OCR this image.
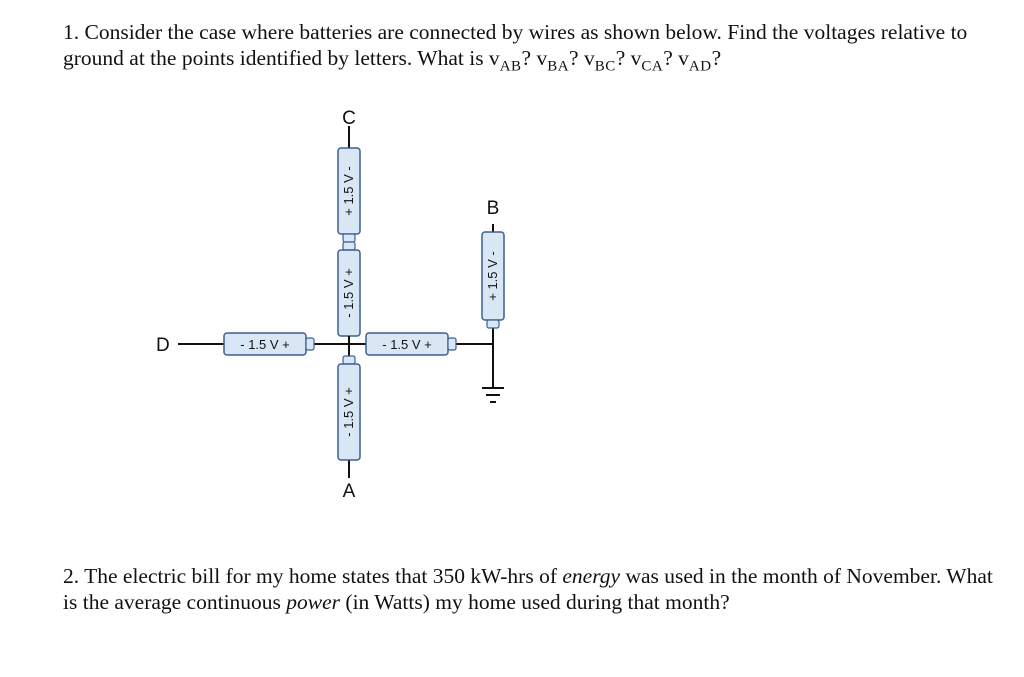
1. Consider the case where batteries are connected by wires as shown below. Find the voltages relative to ground at the points identified by letters. What is $v_{AB}$? $v_{BA}$? $v_{BC}$? $v_{CA}$? $v_{AD}$?

+ 1.5 V -
- 1.5 V +
- 1.5 V +
- 1.5 V +	- 1.5 V +
+ 1.5 V -
C
B
D
A

2. The electric bill for my home states that 350 kW-hrs of energy was used in the month of November. What is the average continuous power (in Watts) my home used during that month?
